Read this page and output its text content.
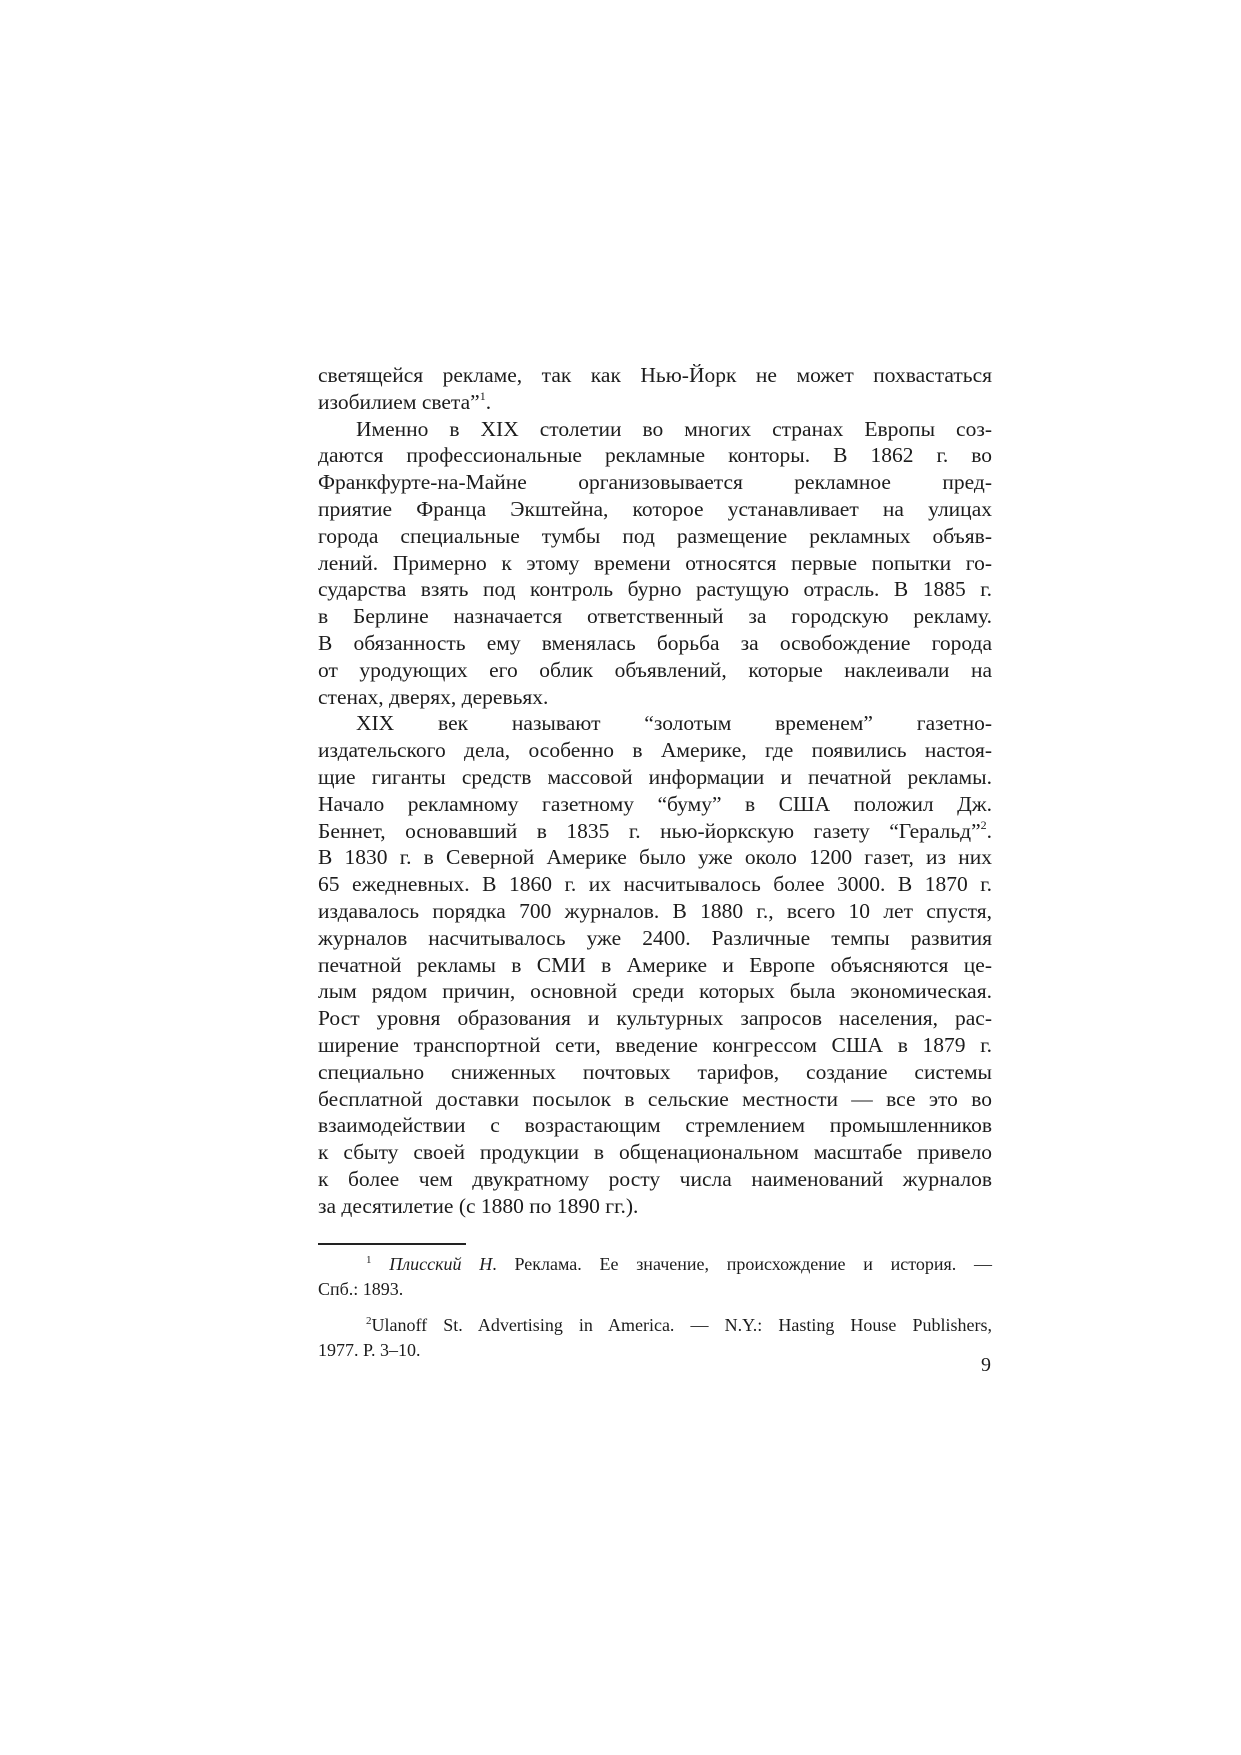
светящейся рекламе, так как Нью-Йорк не может похвастаться
изобилием света”$^1$.
Именно в XIX столетии во многих странах Европы соз-
даются профессиональные рекламные конторы. В 1862 г. во
Франкфурте-на-Майне организовывается рекламное пред-
приятие Франца Экштейна, которое устанавливает на улицах
города специальные тумбы под размещение рекламных объяв-
лений. Примерно к этому времени относятся первые попытки го-
сударства взять под контроль бурно растущую отрасль. В 1885 г.
в Берлине назначается ответственный за городскую рекламу.
В обязанность ему вменялась борьба за освобождение города
от уродующих его облик объявлений, которые наклеивали на
стенах, дверях, деревьях.
XIX век называют “золотым временем” газетно-
издательского дела, особенно в Америке, где появились настоя-
щие гиганты средств массовой информации и печатной рекламы.
Начало рекламному газетному “буму” в США положил Дж.
Беннет, основавший в 1835 г. нью-йоркскую газету “Геральд”$^2$.
В 1830 г. в Северной Америке было уже около 1200 газет, из них
65 ежедневных. В 1860 г. их насчитывалось более 3000. В 1870 г.
издавалось порядка 700 журналов. В 1880 г., всего 10 лет спустя,
журналов насчитывалось уже 2400. Различные темпы развития
печатной рекламы в СМИ в Америке и Европе объясняются це-
лым рядом причин, основной среди которых была экономическая.
Рост уровня образования и культурных запросов населения, рас-
ширение транспортной сети, введение конгрессом США в 1879 г.
специально сниженных почтовых тарифов, создание системы
бесплатной доставки посылок в сельские местности — все это во
взаимодействии с возрастающим стремлением промышленников
к сбыту своей продукции в общенациональном масштабе привело
к более чем двукратному росту числа наименований журналов
за десятилетие (с 1880 по 1890 гг.).
$^1$ Плисский Н. Реклама. Ее значение, происхождение и история. —
Спб.: 1893.
$^2$Ulanoff St. Advertising in America. — N.Y.: Hasting House Publishers,
1977. P. 3–10.
9
